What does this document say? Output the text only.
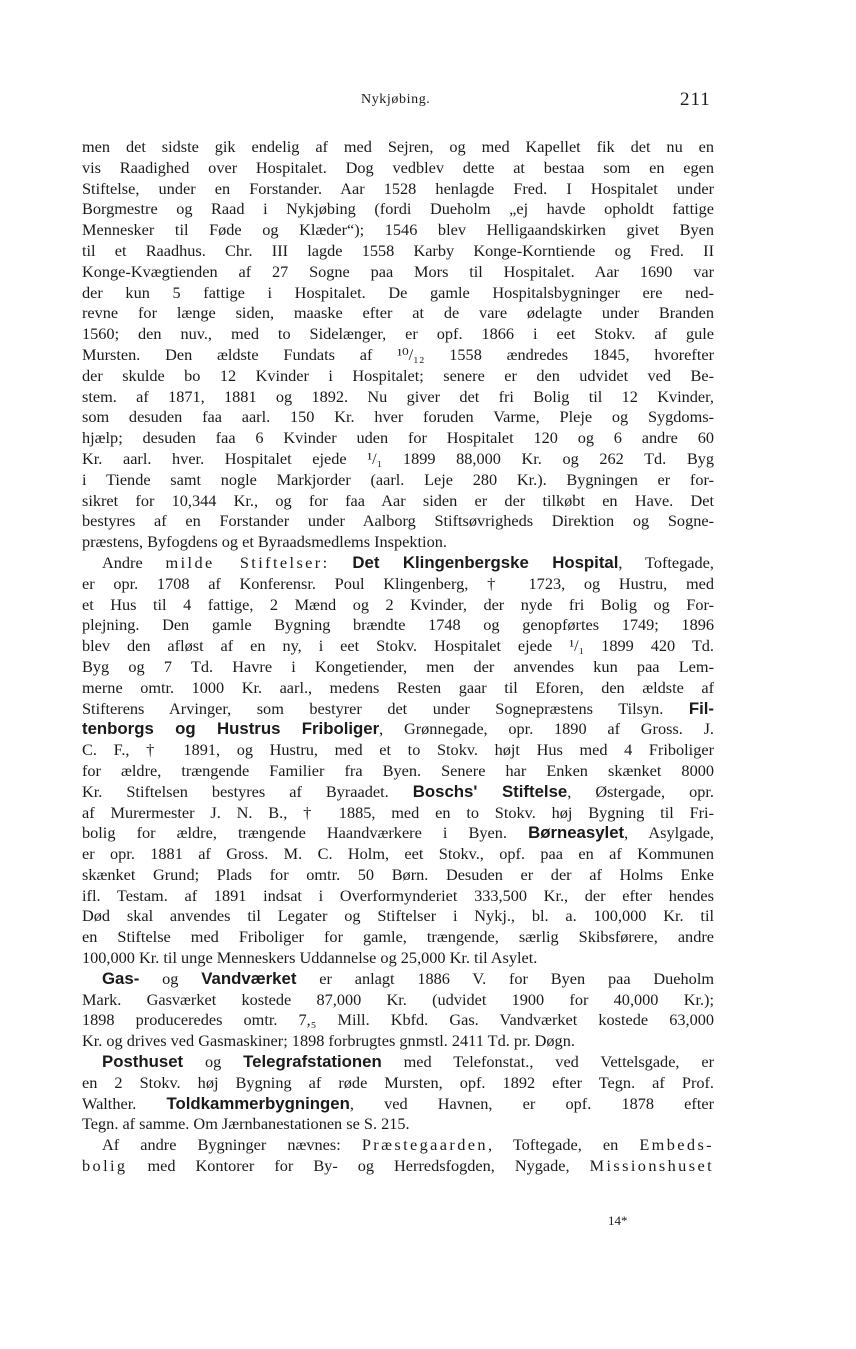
Nykjøbing.	211
men det sidste gik endelig af med Sejren, og med Kapellet fik det nu en
vis Raadighed over Hospitalet. Dog vedblev dette at bestaa som en egen
Stiftelse, under en Forstander. Aar 1528 henlagde Fred. I Hospitalet under
Borgmestre og Raad i Nykjøbing (fordi Dueholm „ej havde opholdt fattige
Mennesker til Føde og Klæder“); 1546 blev Helligaandskirken givet Byen
til et Raadhus. Chr. III lagde 1558 Karby Konge-Korntiende og Fred. II
Konge-Kvægtienden af 27 Sogne paa Mors til Hospitalet. Aar 1690 var
der kun 5 fattige i Hospitalet. De gamle Hospitalsbygninger ere ned-
revne for længe siden, maaske efter at de vare ødelagte under Branden
1560; den nuv., med to Sidelænger, er opf. 1866 i eet Stokv. af gule
Mursten. Den ældste Fundats af ¹⁰/₁₂ 1558 ændredes 1845, hvorefter
der skulde bo 12 Kvinder i Hospitalet; senere er den udvidet ved Be-
stem. af 1871, 1881 og 1892. Nu giver det fri Bolig til 12 Kvinder,
som desuden faa aarl. 150 Kr. hver foruden Varme, Pleje og Sygdoms-
hjælp; desuden faa 6 Kvinder uden for Hospitalet 120 og 6 andre 60
Kr. aarl. hver. Hospitalet ejede ¹/₁ 1899 88,000 Kr. og 262 Td. Byg
i Tiende samt nogle Markjorder (aarl. Leje 280 Kr.). Bygningen er for-
sikret for 10,344 Kr., og for faa Aar siden er der tilkøbt en Have. Det
bestyres af en Forstander under Aalborg Stiftsøvrigheds Direktion og Sogne-
præstens, Byfogdens og et Byraadsmedlems Inspektion.
Andre milde Stiftelser: Det Klingenbergske Hospital, Toftegade,
er opr. 1708 af Konferensr. Poul Klingenberg, † 1723, og Hustru, med
et Hus til 4 fattige, 2 Mænd og 2 Kvinder, der nyde fri Bolig og For-
plejning. Den gamle Bygning brændte 1748 og genopførtes 1749; 1896
blev den afløst af en ny, i eet Stokv. Hospitalet ejede ¹/₁ 1899 420 Td.
Byg og 7 Td. Havre i Kongetiender, men der anvendes kun paa Lem-
merne omtr. 1000 Kr. aarl., medens Resten gaar til Eforen, den ældste af
Stifterens Arvinger, som bestyrer det under Sognepræstens Tilsyn. Fil-
tenborgs og Hustrus Friboliger, Grønnegade, opr. 1890 af Gross. J.
C. F., † 1891, og Hustru, med et to Stokv. højt Hus med 4 Friboliger
for ældre, trængende Familier fra Byen. Senere har Enken skænket 8000
Kr. Stiftelsen bestyres af Byraadet. Boschs' Stiftelse, Østergade, opr.
af Murermester J. N. B., † 1885, med en to Stokv. høj Bygning til Fri-
bolig for ældre, trængende Haandværkere i Byen. Børneasylet, Asylgade,
er opr. 1881 af Gross. M. C. Holm, eet Stokv., opf. paa en af Kommunen
skænket Grund; Plads for omtr. 50 Børn. Desuden er der af Holms Enke
ifl. Testam. af 1891 indsat i Overformynderiet 333,500 Kr., der efter hendes
Død skal anvendes til Legater og Stiftelser i Nykj., bl. a. 100,000 Kr. til
en Stiftelse med Friboliger for gamle, trængende, særlig Skibsførere, andre
100,000 Kr. til unge Menneskers Uddannelse og 25,000 Kr. til Asylet.
Gas- og Vandværket er anlagt 1886 V. for Byen paa Dueholm
Mark. Gasværket kostede 87,000 Kr. (udvidet 1900 for 40,000 Kr.);
1898 produceredes omtr. 7,₅ Mill. Kbfd. Gas. Vandværket kostede 63,000
Kr. og drives ved Gasmaskiner; 1898 forbrugtes gnmstl. 2411 Td. pr. Døgn.
Posthuset og Telegrafstationen med Telefonstat., ved Vettelsgade, er
en 2 Stokv. høj Bygning af røde Mursten, opf. 1892 efter Tegn. af Prof.
Walther. Toldkammerbygningen, ved Havnen, er opf. 1878 efter
Tegn. af samme. Om Jærnbanestationen se S. 215.
Af andre Bygninger nævnes: Præstegaarden, Toftegade, en Embeds-
bolig med Kontorer for By- og Herredsfogden, Nygade, Missionshuset
14*
